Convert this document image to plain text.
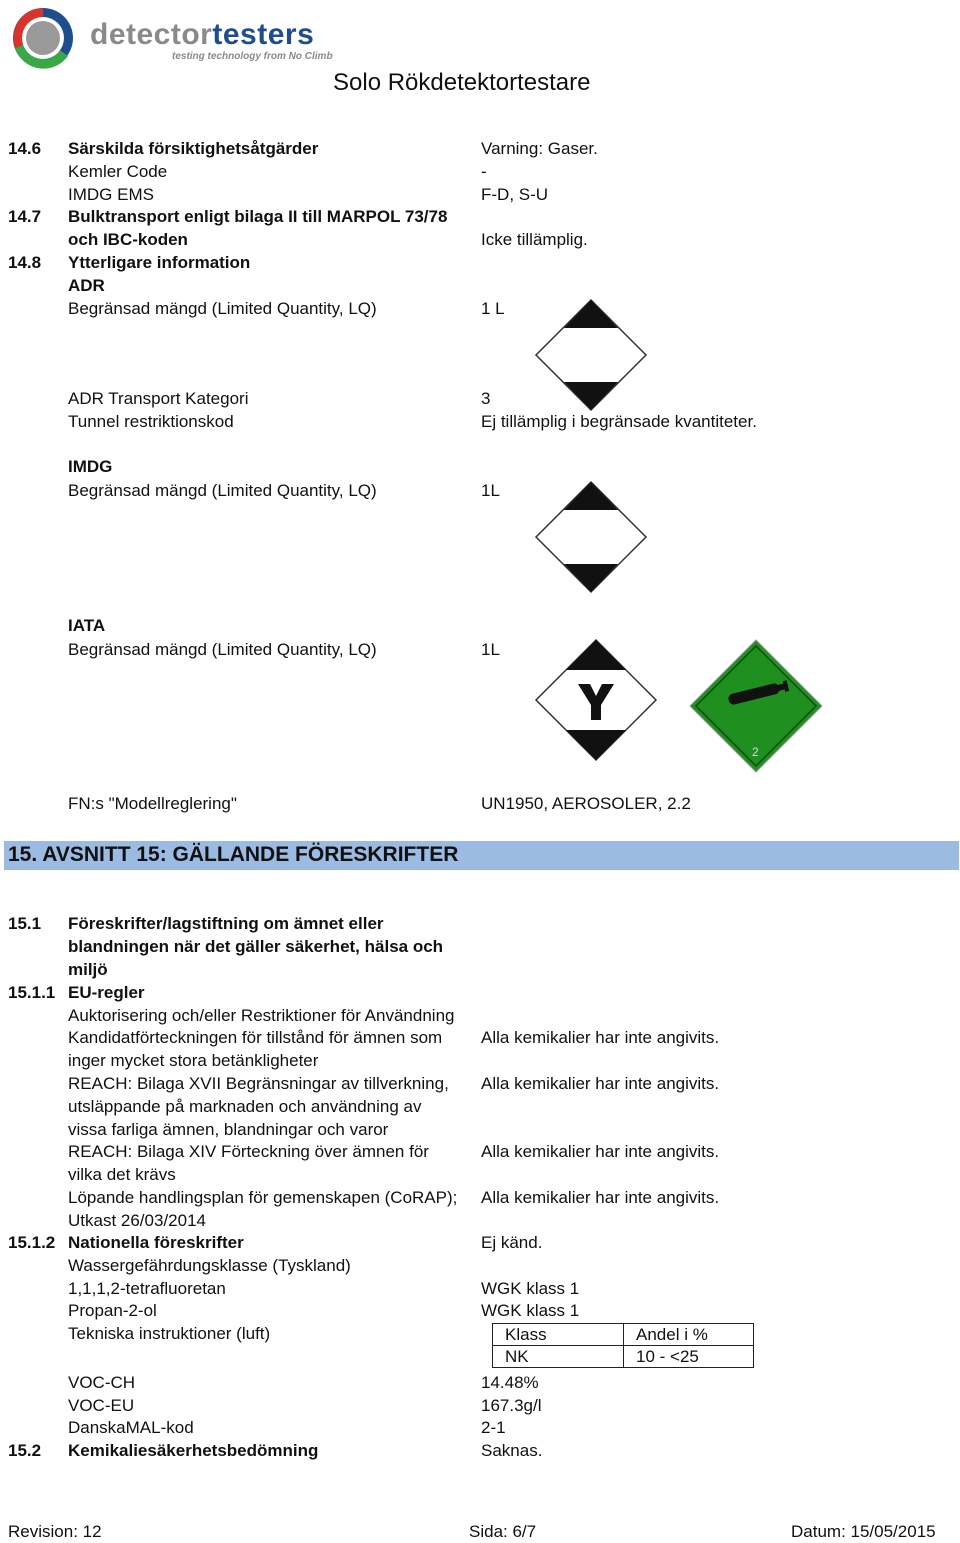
detectortesters
testing technology from No Climb
Solo Rökdetektortestare
14.6 Särskilda försiktighetsåtgärder	Varning: Gaser.
Kemler Code	-
IMDG EMS	F-D, S-U
14.7 Bulktransport enligt bilaga II till MARPOL 73/78
och IBC-koden	Icke tillämplig.
14.8 Ytterligare information
ADR
Begränsad mängd (Limited Quantity, LQ)	1 L
ADR Transport Kategori	3
Tunnel restriktionskod	Ej tillämplig i begränsade kvantiteter.
IMDG
Begränsad mängd (Limited Quantity, LQ)	1L
IATA
Begränsad mängd (Limited Quantity, LQ)	1L
2
FN:s "Modellreglering"	UN1950, AEROSOLER, 2.2
15. AVSNITT 15: GÄLLANDE FÖRESKRIFTER
15.1 Föreskrifter/lagstiftning om ämnet eller
blandningen när det gäller säkerhet, hälsa och
miljö
15.1.1 EU-regler
Auktorisering och/eller Restriktioner för Användning
Kandidatförteckningen för tillstånd för ämnen som
inger mycket stora betänkligheter
Alla kemikalier har inte angivits.
REACH: Bilaga XVII Begränsningar av tillverkning,
utsläppande på marknaden och användning av
vissa farliga ämnen, blandningar och varor
Alla kemikalier har inte angivits.
REACH: Bilaga XIV Förteckning över ämnen för
vilka det krävs
Alla kemikalier har inte angivits.
Löpande handlingsplan för gemenskapen (CoRAP);
Utkast 26/03/2014
Alla kemikalier har inte angivits.
15.1.2 Nationella föreskrifter	Ej känd.
Wassergefährdungsklasse (Tyskland)
1,1,1,2-tetrafluoretan	WGK klass 1
Propan-2-ol	WGK klass 1
Tekniska instruktioner (luft)	Klass	Andel i %
NK	10 - <25
VOC-CH	14.48%
VOC-EU	167.3g/l
DanskaMAL-kod	2-1
15.2 Kemikaliesäkerhetsbedömning	Saknas.
Revision: 12	Sida: 6/7	Datum: 15/05/2015
